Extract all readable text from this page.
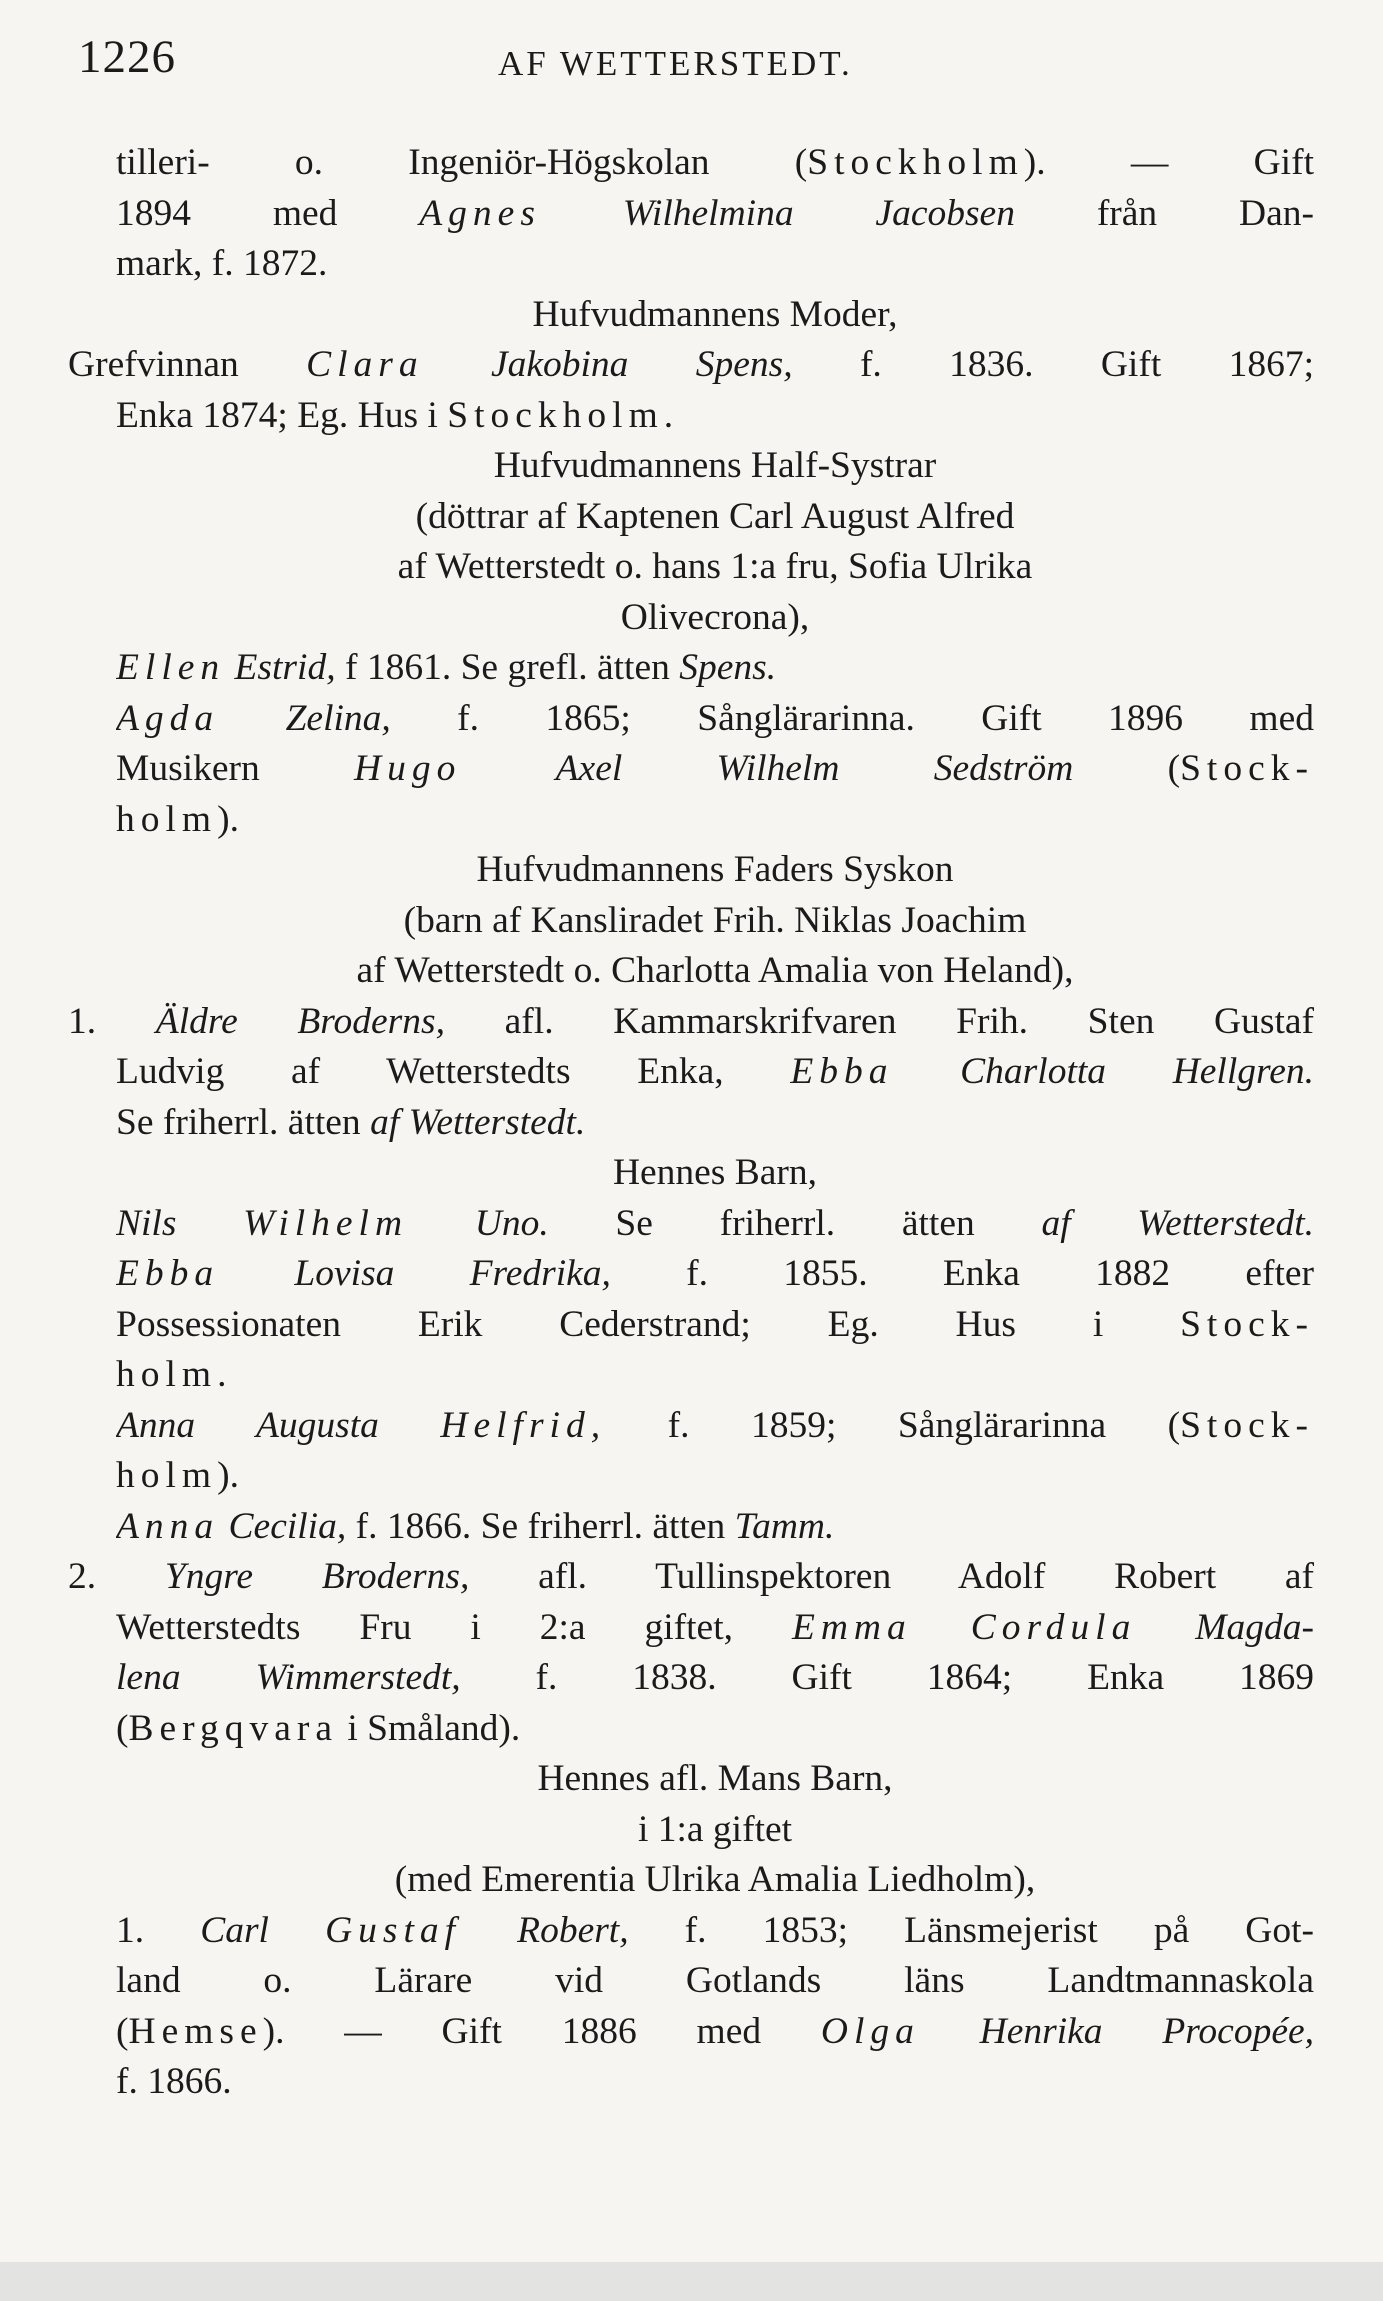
1226	AF WETTERSTEDT.
tilleri- o. Ingeniör-Högskolan (Stockholm). — Gift
1894 med Agnes Wilhelmina Jacobsen från Dan-
mark, f. 1872.
Hufvudmannens Moder,
Grefvinnan Clara Jakobina Spens, f. 1836. Gift 1867;
Enka 1874; Eg. Hus i Stockholm.
Hufvudmannens Half-Systrar
(döttrar af Kaptenen Carl August Alfred
af Wetterstedt o. hans 1:a fru, Sofia Ulrika
Olivecrona),
Ellen Estrid, f 1861. Se grefl. ätten Spens.
Agda Zelina, f. 1865; Sånglärarinna. Gift 1896 med
Musikern Hugo	Axel Wilhelm Sedström (Stock-
holm).
Hufvudmannens Faders Syskon
(barn af Kansliradet Frih. Niklas Joachim
af Wetterstedt o. Charlotta Amalia von Heland),
1. Äldre Broderns, afl. Kammarskrifvaren Frih. Sten Gustaf
Ludvig af Wetterstedts Enka, Ebba Charlotta Hellgren.
Se friherrl. ätten af Wetterstedt.
Hennes Barn,
Nils Wilhelm Uno. Se friherrl. ätten af Wetterstedt.
Ebba Lovisa Fredrika, f. 1855. Enka 1882 efter
Possessionaten Erik Cederstrand; Eg. Hus i Stock-
holm.
Anna Augusta Helfrid, f. 1859; Sånglärarinna (Stock-
holm).
Anna Cecilia, f. 1866. Se friherrl. ätten Tamm.
2. Yngre Broderns, afl. Tullinspektoren Adolf Robert af
Wetterstedts Fru i 2:a giftet, Emma Cordula Magda-
lena Wimmerstedt, f. 1838. Gift 1864; Enka 1869
(Bergqvara i Småland).
Hennes afl. Mans Barn,
i 1:a giftet
(med Emerentia Ulrika Amalia Liedholm),
1. Carl Gustaf Robert, f. 1853; Länsmejerist på Got-
land o. Lärare vid Gotlands läns Landtmannaskola
(Hemse). — Gift 1886 med Olga Henrika Procopée,
f. 1866.
